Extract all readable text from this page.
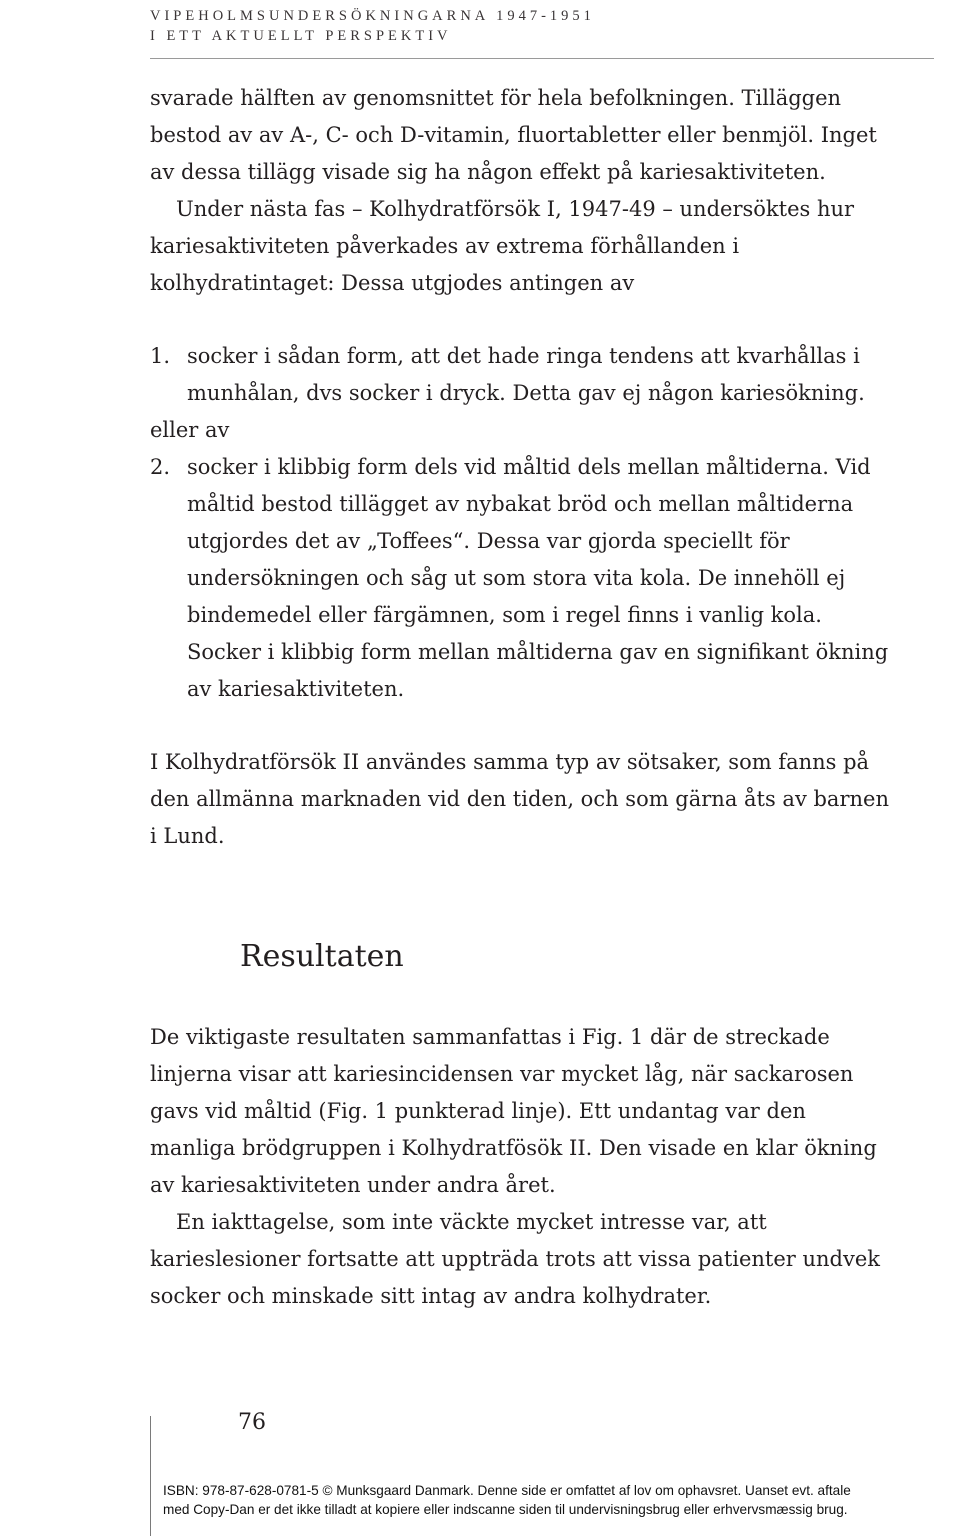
VIPEHOLMSUNDERSÖKNINGARNA 1947-1951
I ETT AKTUELLT PERSPEKTIV

svarade hälften av genomsnittet för hela befolkningen. Tilläggen bestod av av A-, C- och D-vitamin, fluortabletter eller benmjöl. Inget av dessa tillägg visade sig ha någon effekt på kariesaktiviteten.

Under nästa fas – Kolhydratförsök I, 1947-49 – undersöktes hur kariesaktiviteten påverkades av extrema förhållanden i kolhydratintaget: Dessa utgjodes antingen av

1. socker i sådan form, att det hade ringa tendens att kvarhållas i munhålan, dvs socker i dryck. Detta gav ej någon kariesökning.

eller av

2. socker i klibbig form dels vid måltid dels mellan måltiderna. Vid måltid bestod tillägget av nybakat bröd och mellan måltiderna utgjordes det av „Toffees“. Dessa var gjorda speciellt för undersökningen och såg ut som stora vita kola. De innehöll ej bindemedel eller färgämnen, som i regel finns i vanlig kola. Socker i klibbig form mellan måltiderna gav en signifikant ökning av kariesaktiviteten.

I Kolhydratförsök II användes samma typ av sötsaker, som fanns på den allmänna marknaden vid den tiden, och som gärna åts av barnen i Lund.

Resultaten

De viktigaste resultaten sammanfattas i Fig. 1 där de streckade linjerna visar att kariesincidensen var mycket låg, när sackarosen gavs vid måltid (Fig. 1 punkterad linje). Ett undantag var den manliga brödgruppen i Kolhydratfösök II. Den visade en klar ökning av kariesaktiviteten under andra året.

En iakttagelse, som inte väckte mycket intresse var, att karieslesioner fortsatte att uppträda trots att vissa patienter undvek socker och minskade sitt intag av andra kolhydrater.

76
ISBN: 978-87-628-0781-5 © Munksgaard Danmark. Denne side er omfattet af lov om ophavsret. Uanset evt. aftale
med Copy-Dan er det ikke tilladt at kopiere eller indscanne siden til undervisningsbrug eller erhvervsmæssig brug.
